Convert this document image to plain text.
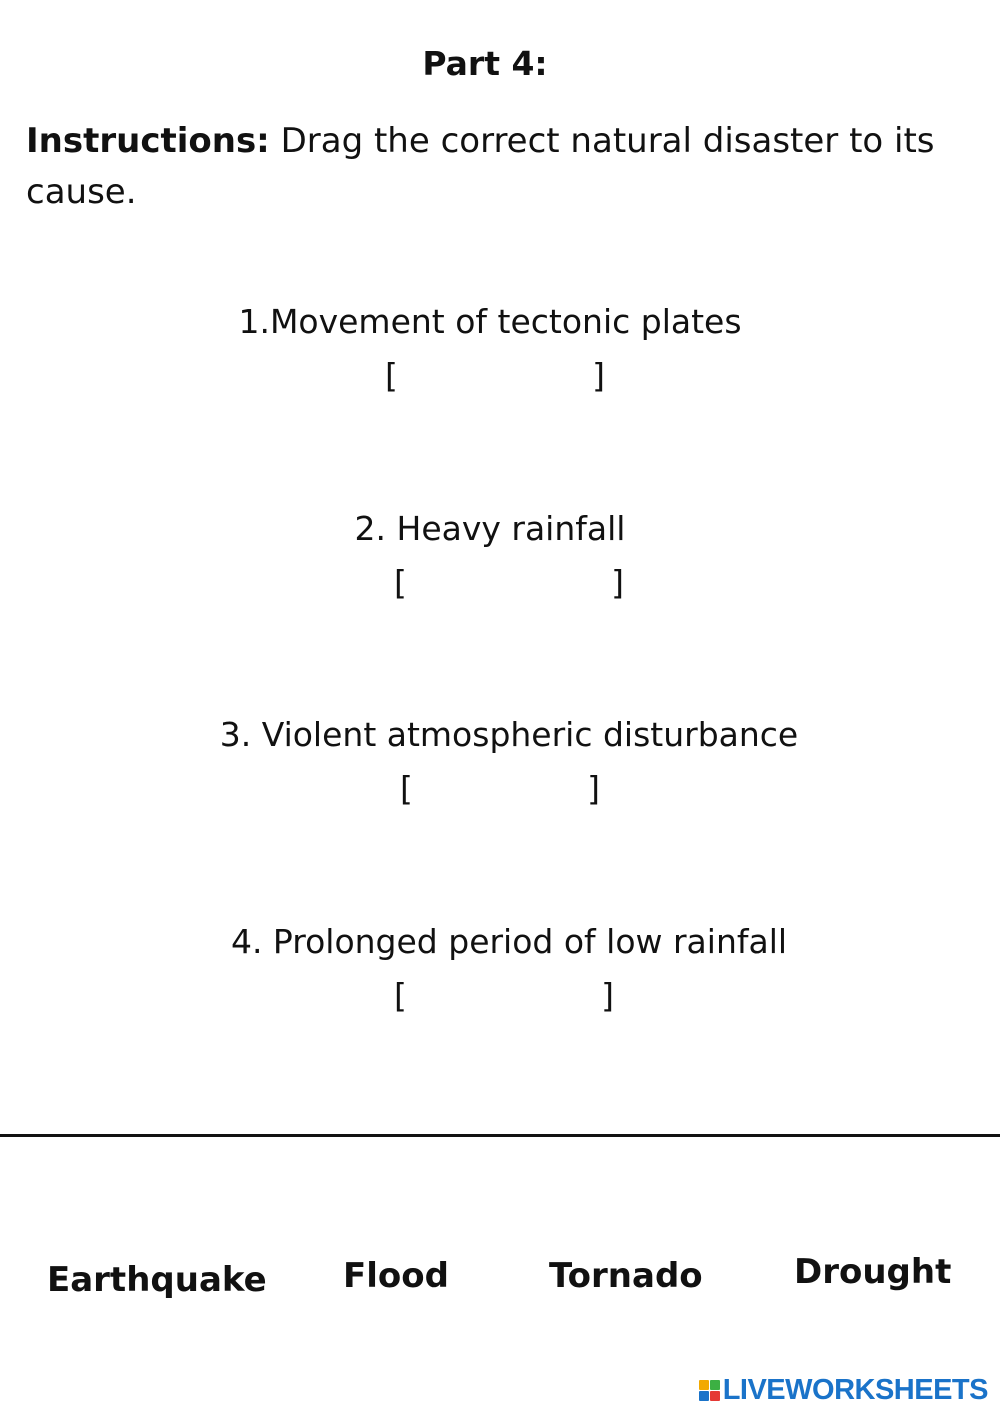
Part 4:
Instructions: Drag the correct natural disaster to its cause.
1.Movement of tectonic plates
[	]
2. Heavy rainfall
[	]
3. Violent atmospheric disturbance
[	]
4. Prolonged period of low rainfall
[	]
Earthquake Flood	Tornado	Drought
LIVEWORKSHEETS
